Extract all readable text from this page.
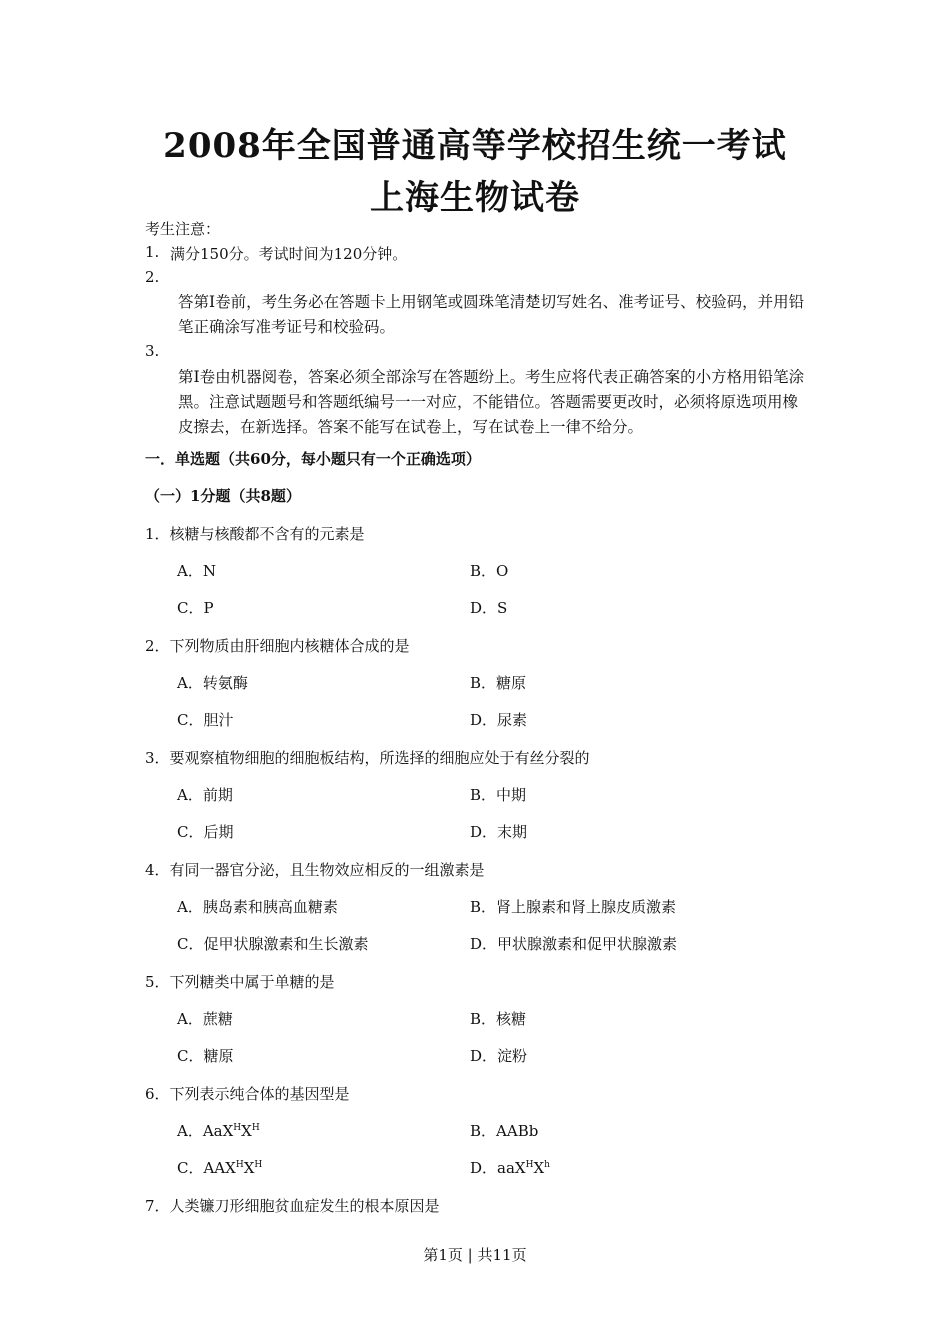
2008年全国普通高等学校招生统一考试
上海生物试卷
考生注意：
1. 满分150分。考试时间为120分钟。
2.
答第Ⅰ卷前，考生务必在答题卡上用钢笔或圆珠笔清楚切写姓名、准考证号、校验码，并用铅笔正确涂写准考证号和校验码。
3.
第Ⅰ卷由机器阅卷，答案必须全部涂写在答题纷上。考生应将代表正确答案的小方格用铅笔涂黑。注意试题题号和答题纸编号一一对应，不能错位。答题需要更改时，必须将原选项用橡皮擦去，在新选择。答案不能写在试卷上，写在试卷上一律不给分。
一．单选题（共60分，每小题只有一个正确选项）
（一）1分题（共8题）
1．核糖与核酸都不含有的元素是
A．N	B．O
C．P	D．S
2．下列物质由肝细胞内核糖体合成的是
A．转氨酶	B．糖原
C．胆汁	D．尿素
3．要观察植物细胞的细胞板结构，所选择的细胞应处于有丝分裂的
A．前期	B．中期
C．后期	D．末期
4．有同一器官分泌，且生物效应相反的一组激素是
A．胰岛素和胰高血糖素	B．肾上腺素和肾上腺皮质激素
C．促甲状腺激素和生长激素	D．甲状腺激素和促甲状腺激素
5．下列糖类中属于单糖的是
A．蔗糖	B．核糖
C．糖原	D．淀粉
6．下列表示纯合体的基因型是
A．$AaX^HX^H$	B．AABb
C．$AAX^HX^H$	D．$aaX^HX^h$
7．人类镰刀形细胞贫血症发生的根本原因是
第1页 | 共11页
